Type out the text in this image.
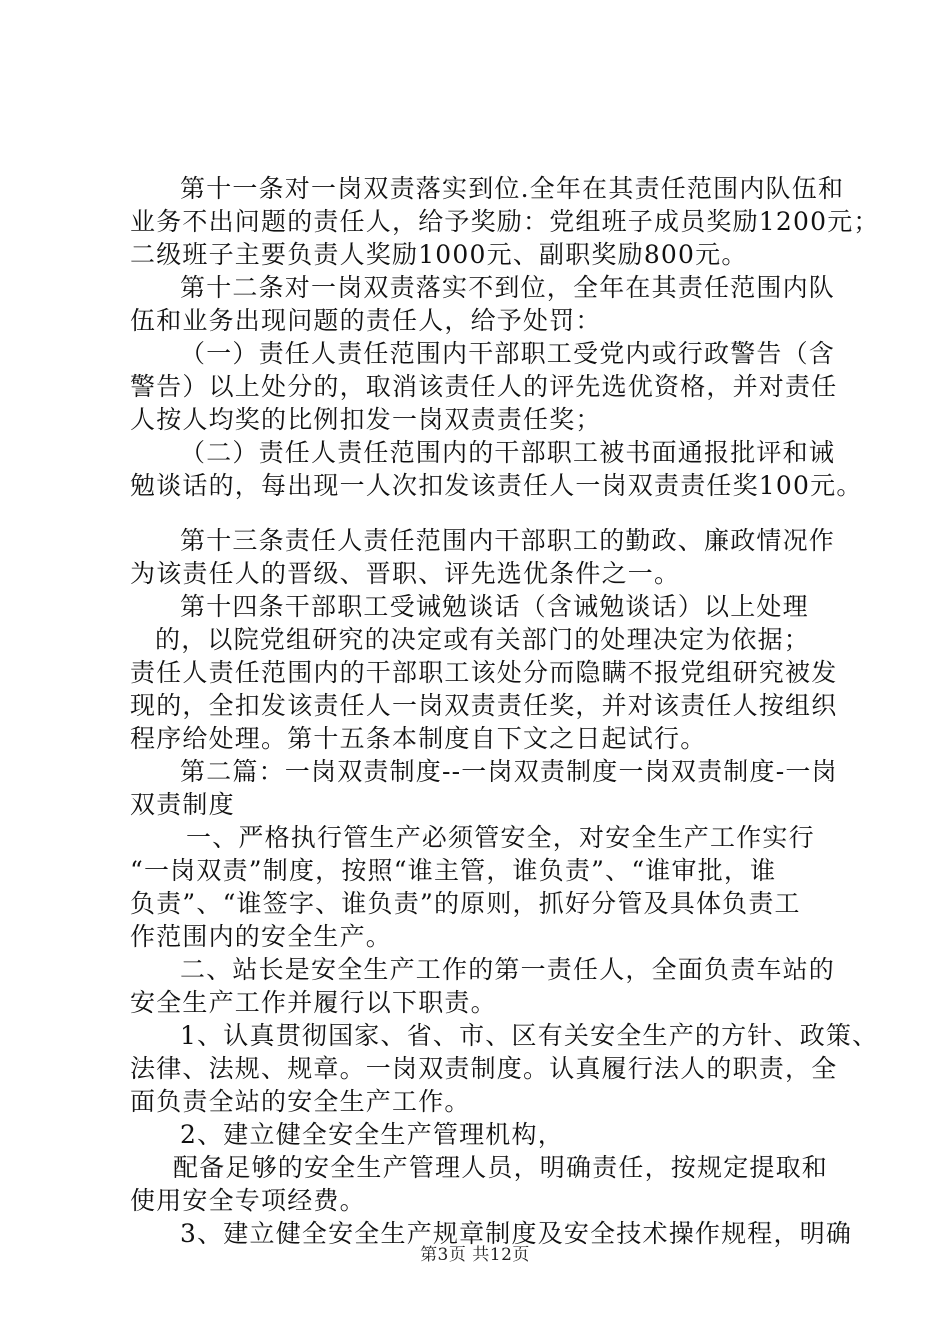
第十一条对一岗双责落实到位.全年在其责任范围内队伍和
业务不出问题的责任人，给予奖励：党组班子成员奖励1200元；
二级班子主要负责人奖励1000元、副职奖励800元。
第十二条对一岗双责落实不到位，全年在其责任范围内队
伍和业务出现问题的责任人，给予处罚：
（一）责任人责任范围内干部职工受党内或行政警告（含
警告）以上处分的，取消该责任人的评先选优资格，并对责任
人按人均奖的比例扣发一岗双责责任奖；
（二）责任人责任范围内的干部职工被书面通报批评和诫
勉谈话的，每出现一人次扣发该责任人一岗双责责任奖100元。
第十三条责任人责任范围内干部职工的勤政、廉政情况作
为该责任人的晋级、晋职、评先选优条件之一。
第十四条干部职工受诫勉谈话（含诫勉谈话）以上处理
的，以院党组研究的决定或有关部门的处理决定为依据；
责任人责任范围内的干部职工该处分而隐瞒不报党组研究被发
现的，全扣发该责任人一岗双责责任奖，并对该责任人按组织
程序给处理。第十五条本制度自下文之日起试行。
第二篇：一岗双责制度--一岗双责制度一岗双责制度-一岗
双责制度
一、严格执行管生产必须管安全，对安全生产工作实行
“一岗双责”制度，按照“谁主管，谁负责”、“谁审批，谁
负责”、“谁签字、谁负责”的原则，抓好分管及具体负责工
作范围内的安全生产。
二、站长是安全生产工作的第一责任人，全面负责车站的
安全生产工作并履行以下职责。
1、认真贯彻国家、省、市、区有关安全生产的方针、政策、
法律、法规、规章。一岗双责制度。认真履行法人的职责，全
面负责全站的安全生产工作。
2、建立健全安全生产管理机构，
配备足够的安全生产管理人员，明确责任，按规定提取和
使用安全专项经费。
3、建立健全安全生产规章制度及安全技术操作规程，明确
第3页 共12页
